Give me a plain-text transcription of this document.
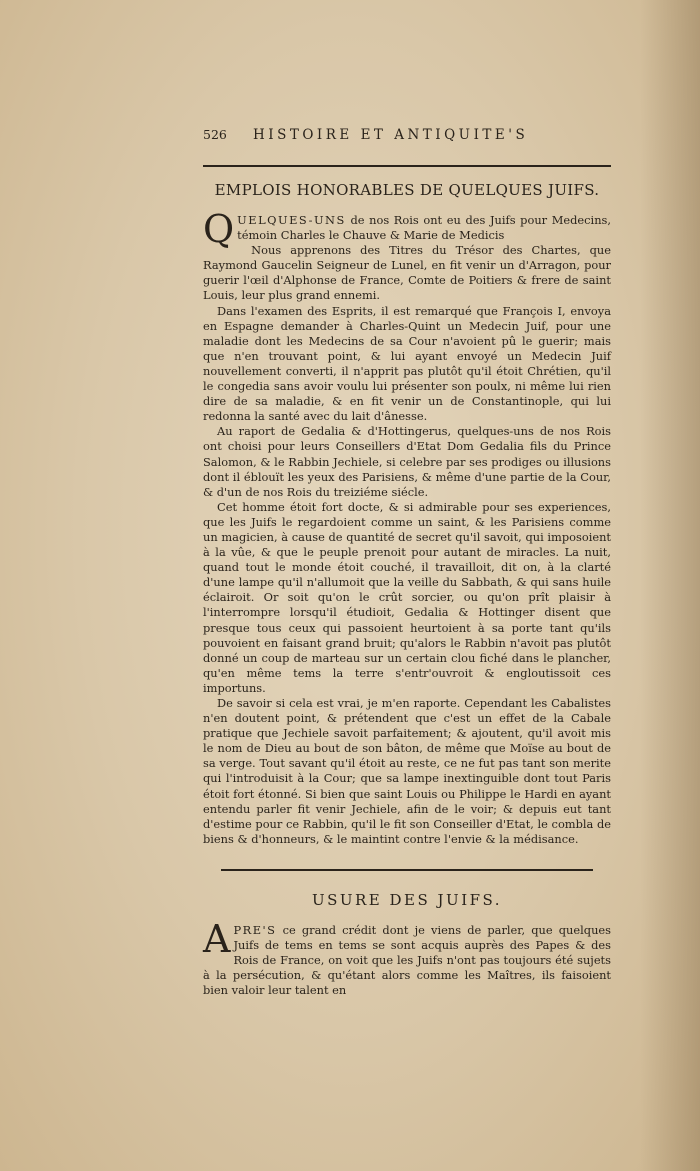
526	HISTOIRE ET ANTIQUITE'S
EMPLOIS HONORABLES DE QUELQUES JUIFS.

QUELQUES-UNS de nos Rois ont eu des Juifs pour Medecins, témoin Charles le Chauve & Marie de Medicis

Nous apprenons des Titres du Trésor des Chartes, que Raymond Gaucelin Seigneur de Lunel, en fit venir un d'Arragon, pour guerir l'œil d'Alphonse de France, Comte de Poitiers & frere de saint Louis, leur plus grand ennemi.

Dans l'examen des Esprits, il est remarqué que François I, envoya en Espagne demander à Charles-Quint un Medecin Juif, pour une maladie dont les Medecins de sa Cour n'avoient pû le guerir; mais que n'en trouvant point, & lui ayant envoyé un Medecin Juif nouvellement converti, il n'apprit pas plutôt qu'il étoit Chrétien, qu'il le congedia sans avoir voulu lui présenter son poulx, ni même lui rien dire de sa maladie, & en fit venir un de Constantinople, qui lui redonna la santé avec du lait d'ânesse.

Au raport de Gedalia & d'Hottingerus, quelques-uns de nos Rois ont choisi pour leurs Conseillers d'Etat Dom Gedalia fils du Prince Salomon, & le Rabbin Jechiele, si celebre par ses prodiges ou illusions dont il éblouït les yeux des Parisiens, & même d'une partie de la Cour, & d'un de nos Rois du treiziéme siécle.

Cet homme étoit fort docte, & si admirable pour ses experiences, que les Juifs le regardoient comme un saint, & les Parisiens comme un magicien, à cause de quantité de secret qu'il savoit, qui imposoient à la vûe, & que le peuple prenoit pour autant de miracles. La nuit, quand tout le monde étoit couché, il travailloit, dit on, à la clarté d'une lampe qu'il n'allumoit que la veille du Sabbath, & qui sans huile éclairoit. Or soit qu'on le crût sorcier, ou qu'on prît plaisir à l'interrompre lorsqu'il étudioit, Gedalia & Hottinger disent que presque tous ceux qui passoient heurtoient à sa porte tant qu'ils pouvoient en faisant grand bruit; qu'alors le Rabbin n'avoit pas plutôt donné un coup de marteau sur un certain clou fiché dans le plancher, qu'en même tems la terre s'entr'ouvroit & engloutissoit ces importuns.

De savoir si cela est vrai, je m'en raporte. Cependant les Cabalistes n'en doutent point, & prétendent que c'est un effet de la Cabale pratique que Jechiele savoit parfaitement; & ajoutent, qu'il avoit mis le nom de Dieu au bout de son bâton, de même que Moïse au bout de sa verge. Tout savant qu'il étoit au reste, ce ne fut pas tant son merite qui l'introduisit à la Cour; que sa lampe inextinguible dont tout Paris étoit fort étonné. Si bien que saint Louis ou Philippe le Hardi en ayant entendu parler fit venir Jechiele, afin de le voir; & depuis eut tant d'estime pour ce Rabbin, qu'il le fit son Conseiller d'Etat, le combla de biens & d'honneurs, & le maintint contre l'envie & la médisance.

USURE DES JUIFS.

APRE'S ce grand crédit dont je viens de parler, que quelques Juifs de tems en tems se sont acquis auprès des Papes & des Rois de France, on voit que les Juifs n'ont pas toujours été sujets à la persécution, & qu'étant alors comme les Maîtres, ils faisoient bien valoir leur talent en
